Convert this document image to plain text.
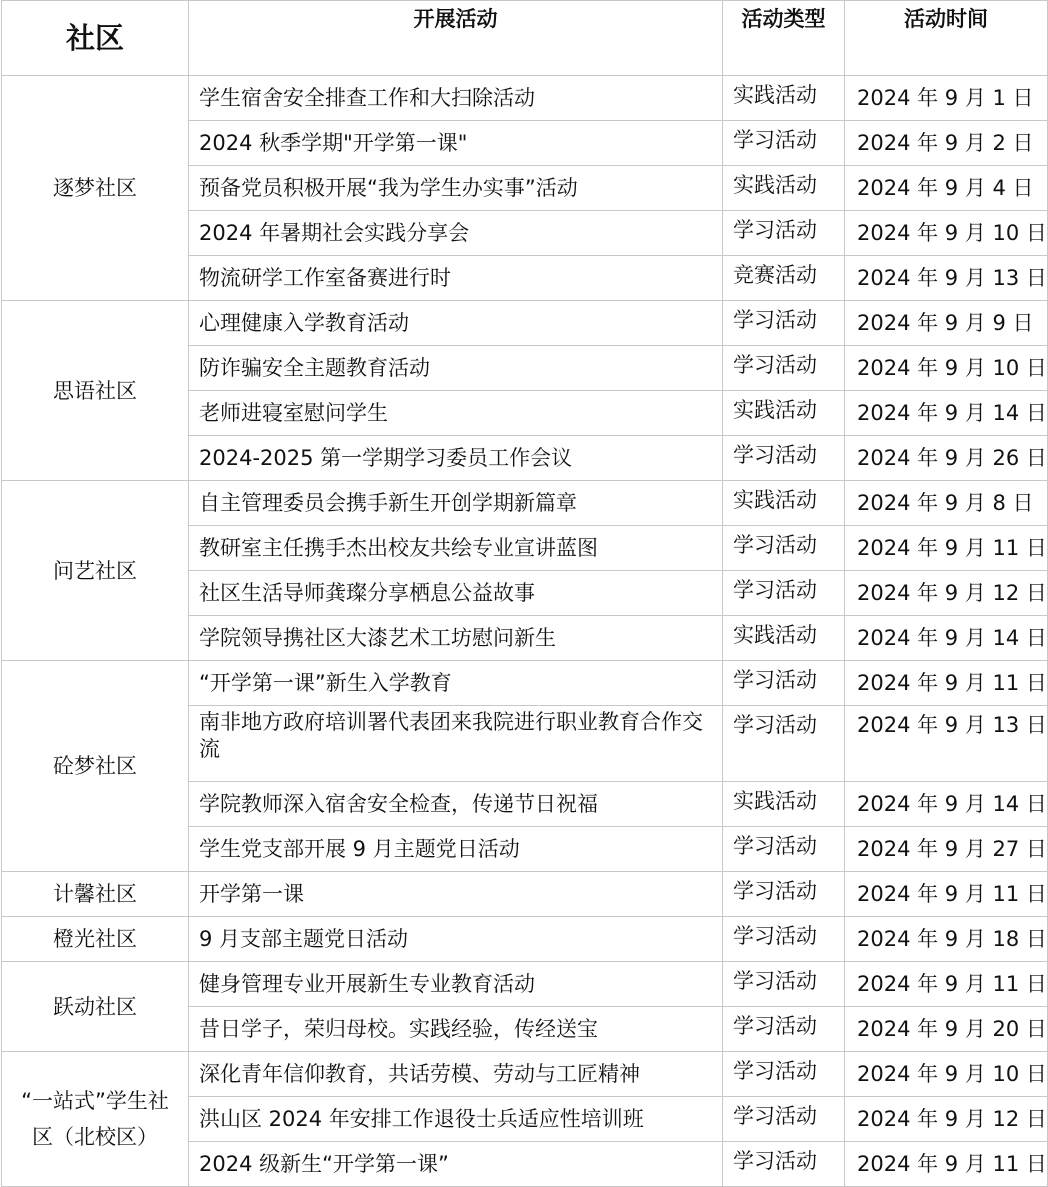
社区	开展活动	活动类型	活动时间
逐梦社区	学生宿舍安全排查工作和大扫除活动	实践活动	2024 年 9 月 1 日
	2024 秋季学期"开学第一课"	学习活动	2024 年 9 月 2 日
	预备党员积极开展“我为学生办实事”活动	实践活动	2024 年 9 月 4 日
	2024 年暑期社会实践分享会	学习活动	2024 年 9 月 10 日
	物流研学工作室备赛进行时	竞赛活动	2024 年 9 月 13 日
思语社区	心理健康入学教育活动	学习活动	2024 年 9 月 9 日
	防诈骗安全主题教育活动	学习活动	2024 年 9 月 10 日
	老师进寝室慰问学生	实践活动	2024 年 9 月 14 日
	2024-2025 第一学期学习委员工作会议	学习活动	2024 年 9 月 26 日
问艺社区	自主管理委员会携手新生开创学期新篇章	实践活动	2024 年 9 月 8 日
	教研室主任携手杰出校友共绘专业宣讲蓝图	学习活动	2024 年 9 月 11 日
	社区生活导师龚璨分享栖息公益故事	学习活动	2024 年 9 月 12 日
	学院领导携社区大漆艺术工坊慰问新生	实践活动	2024 年 9 月 14 日
砼梦社区	“开学第一课”新生入学教育	学习活动	2024 年 9 月 11 日
	南非地方政府培训署代表团来我院进行职业教育合作交流	学习活动	2024 年 9 月 13 日
	学院教师深入宿舍安全检查，传递节日祝福	实践活动	2024 年 9 月 14 日
	学生党支部开展 9 月主题党日活动	学习活动	2024 年 9 月 27 日
计馨社区	开学第一课	学习活动	2024 年 9 月 11 日
橙光社区	9 月支部主题党日活动	学习活动	2024 年 9 月 18 日
跃动社区	健身管理专业开展新生专业教育活动	学习活动	2024 年 9 月 11 日
	昔日学子，荣归母校。实践经验，传经送宝	学习活动	2024 年 9 月 20 日
“一站式”学生社区（北校区）	深化青年信仰教育，共话劳模、劳动与工匠精神	学习活动	2024 年 9 月 10 日
	洪山区 2024 年安排工作退役士兵适应性培训班	学习活动	2024 年 9 月 12 日
	2024 级新生“开学第一课”	学习活动	2024 年 9 月 11 日
